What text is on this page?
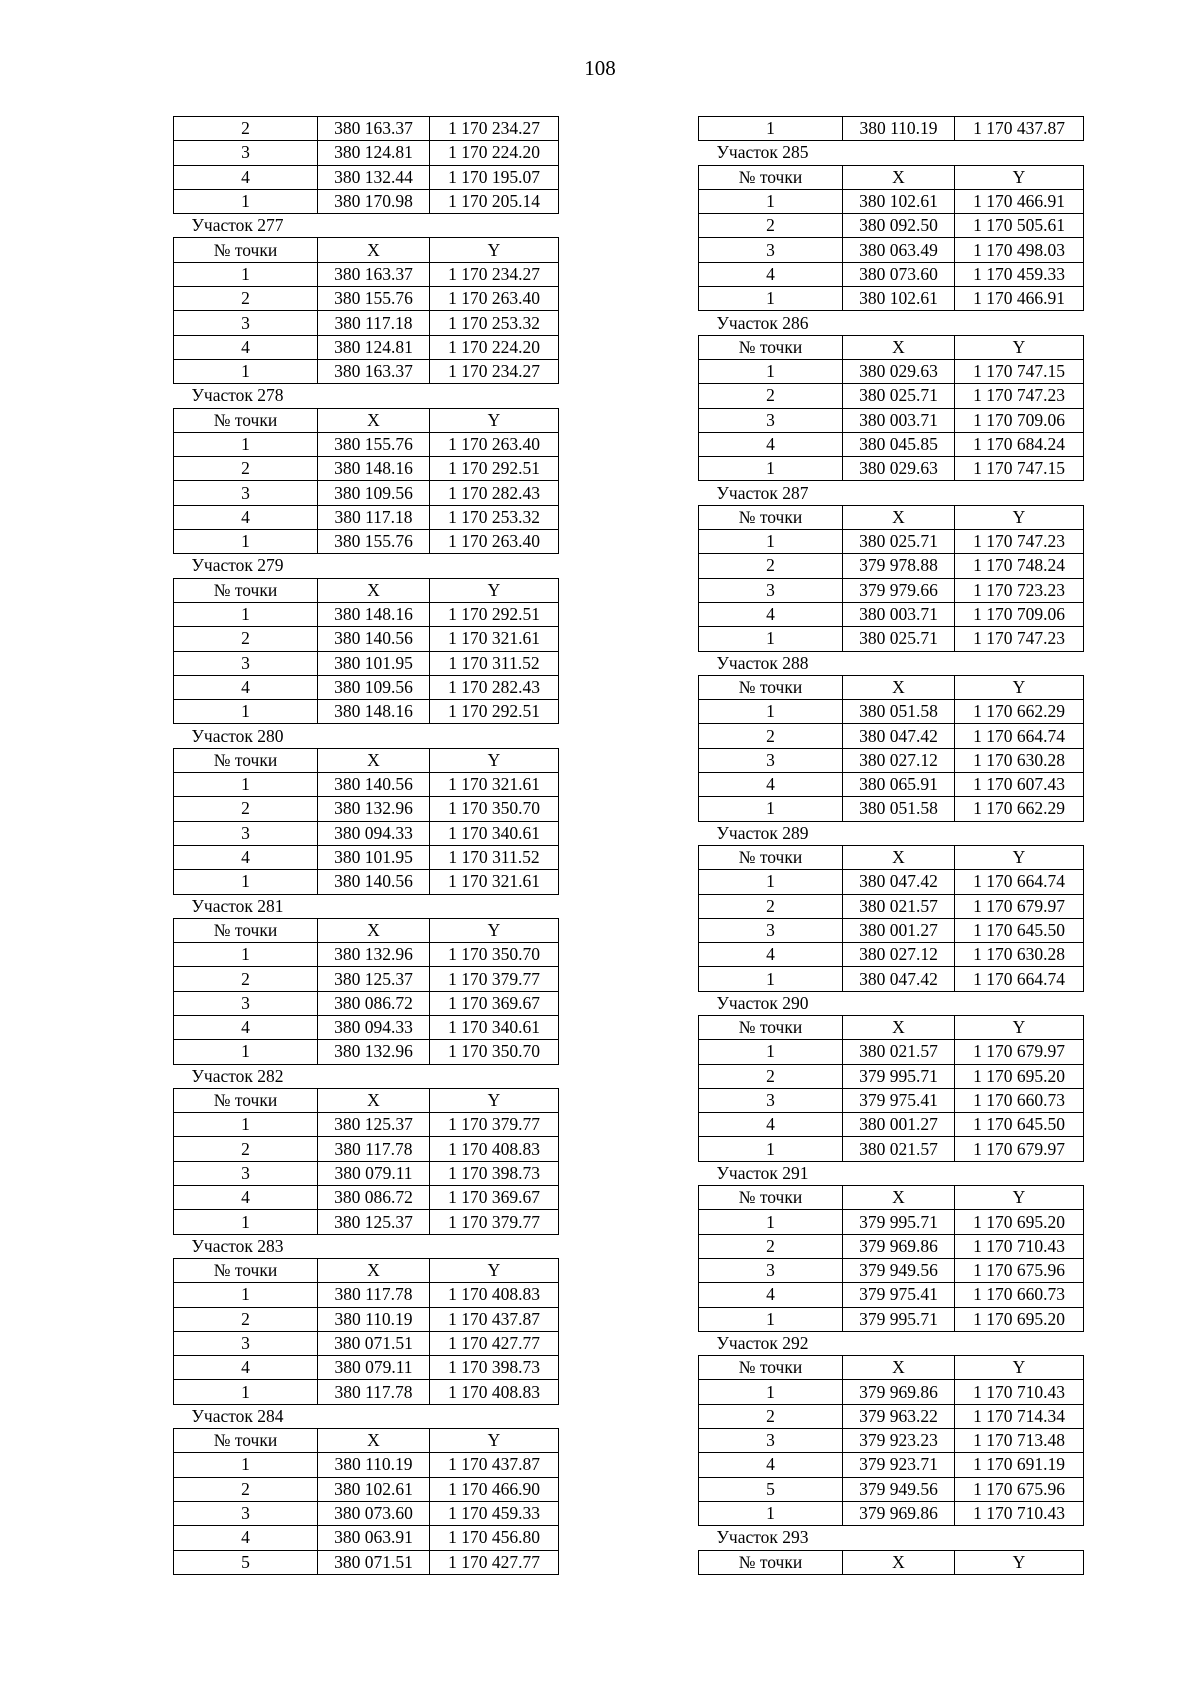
108
2	380 163.37	1 170 234.27
3	380 124.81	1 170 224.20
4	380 132.44	1 170 195.07
1	380 170.98	1 170 205.14
Участок 277		
№ точки	X	Y
1	380 163.37	1 170 234.27
2	380 155.76	1 170 263.40
3	380 117.18	1 170 253.32
4	380 124.81	1 170 224.20
1	380 163.37	1 170 234.27
Участок 278		
№ точки	X	Y
1	380 155.76	1 170 263.40
2	380 148.16	1 170 292.51
3	380 109.56	1 170 282.43
4	380 117.18	1 170 253.32
1	380 155.76	1 170 263.40
Участок 279		
№ точки	X	Y
1	380 148.16	1 170 292.51
2	380 140.56	1 170 321.61
3	380 101.95	1 170 311.52
4	380 109.56	1 170 282.43
1	380 148.16	1 170 292.51
Участок 280		
№ точки	X	Y
1	380 140.56	1 170 321.61
2	380 132.96	1 170 350.70
3	380 094.33	1 170 340.61
4	380 101.95	1 170 311.52
1	380 140.56	1 170 321.61
Участок 281		
№ точки	X	Y
1	380 132.96	1 170 350.70
2	380 125.37	1 170 379.77
3	380 086.72	1 170 369.67
4	380 094.33	1 170 340.61
1	380 132.96	1 170 350.70
Участок 282		
№ точки	X	Y
1	380 125.37	1 170 379.77
2	380 117.78	1 170 408.83
3	380 079.11	1 170 398.73
4	380 086.72	1 170 369.67
1	380 125.37	1 170 379.77
Участок 283		
№ точки	X	Y
1	380 117.78	1 170 408.83
2	380 110.19	1 170 437.87
3	380 071.51	1 170 427.77
4	380 079.11	1 170 398.73
1	380 117.78	1 170 408.83
Участок 284		
№ точки	X	Y
1	380 110.19	1 170 437.87
2	380 102.61	1 170 466.90
3	380 073.60	1 170 459.33
4	380 063.91	1 170 456.80
5	380 071.51	1 170 427.77
1	380 110.19	1 170 437.87
Участок 285		
№ точки	X	Y
1	380 102.61	1 170 466.91
2	380 092.50	1 170 505.61
3	380 063.49	1 170 498.03
4	380 073.60	1 170 459.33
1	380 102.61	1 170 466.91
Участок 286		
№ точки	X	Y
1	380 029.63	1 170 747.15
2	380 025.71	1 170 747.23
3	380 003.71	1 170 709.06
4	380 045.85	1 170 684.24
1	380 029.63	1 170 747.15
Участок 287		
№ точки	X	Y
1	380 025.71	1 170 747.23
2	379 978.88	1 170 748.24
3	379 979.66	1 170 723.23
4	380 003.71	1 170 709.06
1	380 025.71	1 170 747.23
Участок 288		
№ точки	X	Y
1	380 051.58	1 170 662.29
2	380 047.42	1 170 664.74
3	380 027.12	1 170 630.28
4	380 065.91	1 170 607.43
1	380 051.58	1 170 662.29
Участок 289		
№ точки	X	Y
1	380 047.42	1 170 664.74
2	380 021.57	1 170 679.97
3	380 001.27	1 170 645.50
4	380 027.12	1 170 630.28
1	380 047.42	1 170 664.74
Участок 290		
№ точки	X	Y
1	380 021.57	1 170 679.97
2	379 995.71	1 170 695.20
3	379 975.41	1 170 660.73
4	380 001.27	1 170 645.50
1	380 021.57	1 170 679.97
Участок 291		
№ точки	X	Y
1	379 995.71	1 170 695.20
2	379 969.86	1 170 710.43
3	379 949.56	1 170 675.96
4	379 975.41	1 170 660.73
1	379 995.71	1 170 695.20
Участок 292		
№ точки	X	Y
1	379 969.86	1 170 710.43
2	379 963.22	1 170 714.34
3	379 923.23	1 170 713.48
4	379 923.71	1 170 691.19
5	379 949.56	1 170 675.96
1	379 969.86	1 170 710.43
Участок 293		
№ точки	X	Y
